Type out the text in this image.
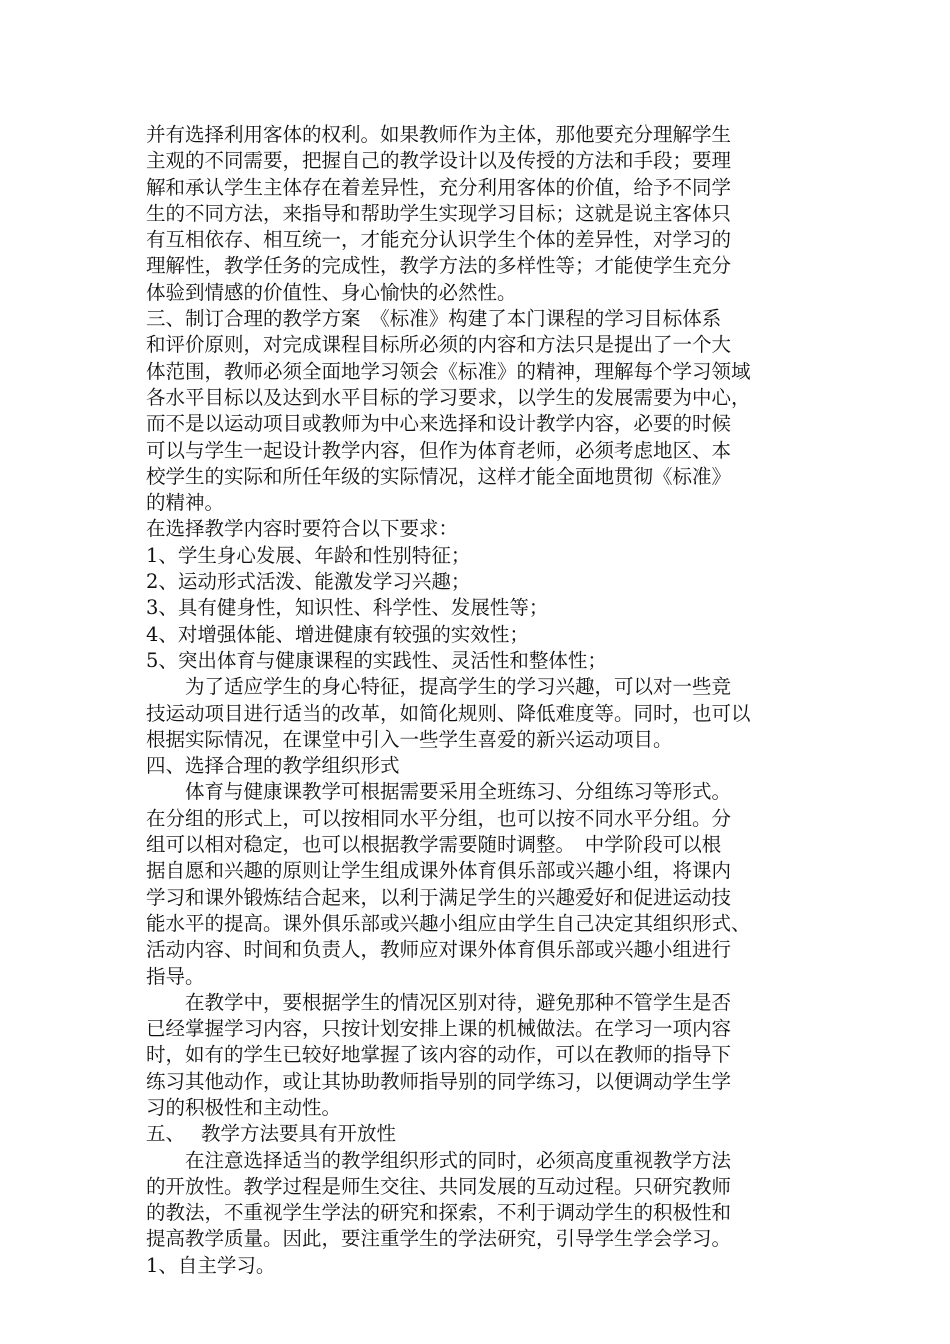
并有选择利用客体的权利。如果教师作为主体，那他要充分理解学生
主观的不同需要，把握自己的教学设计以及传授的方法和手段；要理
解和承认学生主体存在着差异性，充分利用客体的价值，给予不同学
生的不同方法，来指导和帮助学生实现学习目标；这就是说主客体只
有互相依存、相互统一，才能充分认识学生个体的差异性，对学习的
理解性，教学任务的完成性，教学方法的多样性等；才能使学生充分
体验到情感的价值性、身心愉快的必然性。
三、制订合理的教学方案　《标准》构建了本门课程的学习目标体系
和评价原则，对完成课程目标所必须的内容和方法只是提出了一个大
体范围，教师必须全面地学习领会《标准》的精神，理解每个学习领域
各水平目标以及达到水平目标的学习要求，以学生的发展需要为中心，
而不是以运动项目或教师为中心来选择和设计教学内容，必要的时候
可以与学生一起设计教学内容，但作为体育老师，必须考虑地区、本
校学生的实际和所任年级的实际情况，这样才能全面地贯彻《标准》
的精神。
在选择教学内容时要符合以下要求：
1、学生身心发展、年龄和性别特征；
2、运动形式活泼、能激发学习兴趣；
3、具有健身性，知识性、科学性、发展性等；
4、对增强体能、增进健康有较强的实效性；
5、突出体育与健康课程的实践性、灵活性和整体性；
　　为了适应学生的身心特征，提高学生的学习兴趣，可以对一些竞
技运动项目进行适当的改革，如简化规则、降低难度等。同时，也可以
根据实际情况，在课堂中引入一些学生喜爱的新兴运动项目。
四、选择合理的教学组织形式
　　体育与健康课教学可根据需要采用全班练习、分组练习等形式。
在分组的形式上，可以按相同水平分组，也可以按不同水平分组。分
组可以相对稳定，也可以根据教学需要随时调整。　中学阶段可以根
据自愿和兴趣的原则让学生组成课外体育俱乐部或兴趣小组，将课内
学习和课外锻炼结合起来，以利于满足学生的兴趣爱好和促进运动技
能水平的提高。课外俱乐部或兴趣小组应由学生自己决定其组织形式、
活动内容、时间和负责人，教师应对课外体育俱乐部或兴趣小组进行
指导。
　　在教学中，要根据学生的情况区别对待，避免那种不管学生是否
已经掌握学习内容，只按计划安排上课的机械做法。在学习一项内容
时，如有的学生已较好地掌握了该内容的动作，可以在教师的指导下
练习其他动作，或让其协助教师指导别的同学练习，以便调动学生学
习的积极性和主动性。
五、　 教学方法要具有开放性
　　在注意选择适当的教学组织形式的同时，必须高度重视教学方法
的开放性。教学过程是师生交往、共同发展的互动过程。只研究教师
的教法，不重视学生学法的研究和探索，不利于调动学生的积极性和
提高教学质量。因此，要注重学生的学法研究，引导学生学会学习。
1、自主学习。
